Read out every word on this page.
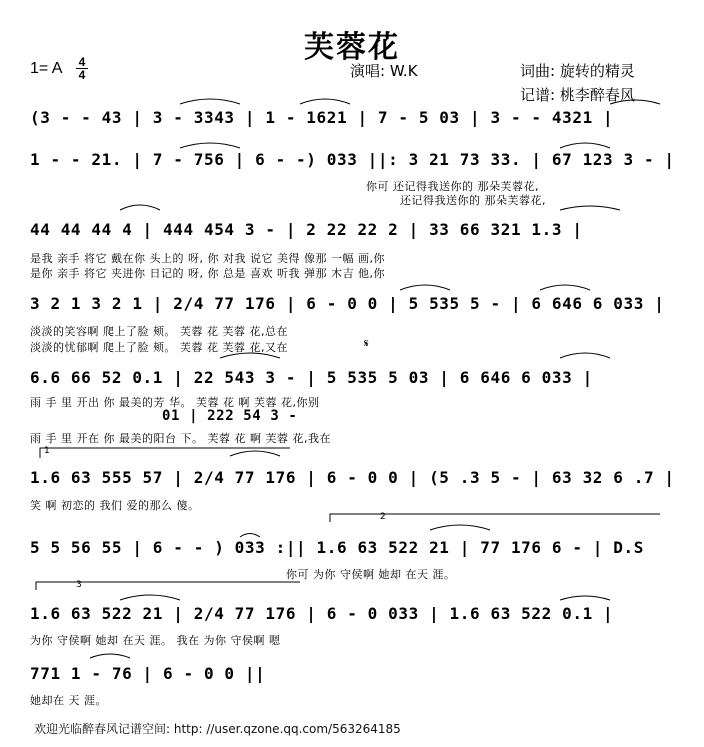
芙蓉花
1= A 4
4	演唱: W.K	词曲: 旋转的精灵
记谱: 桃李醉春风
1
2
3
(3 - - 43 | 3 - 3343 | 1 - 1621 | 7 - 5 03 | 3 - - 4321 |
1 - - 21. | 7 - 756 | 6 - -) 033 ||: 3 21 73 33. | 67 123 3 - |
你可 还记得我送你的 那朵芙蓉花,
还记得我送你的 那朵芙蓉花,
44 44 44 4 | 444 454 3 - | 2 22 22 2 | 33 66 321 1.3 |
是我 亲手 将它 戴在你 头上的 呀, 你 对我 说它 美得 像那 一幅 画,你
是你 亲手 将它 夹进你 日记的 呀, 你 总是 喜欢 听我 弹那 木吉 他,你
3 2 1 3 2 1 | 2/4 77 176 | 6 - 0 0 | 5 535 5 - | 6 646 6 033 |
淡淡的笑容啊 爬上了脸 颊。 芙蓉 花 芙蓉 花,总在
𝄋
淡淡的忧郁啊 爬上了脸 颊。 芙蓉 花 芙蓉 花,又在
6.6 66 52 0.1 | 22 543 3 - | 5 535 5 03 | 6 646 6 033 |
雨 手 里 开出 你 最美的芳 华。 芙蓉 花 啊 芙蓉 花,你别
01 | 222 54 3 -
雨 手 里 开在 你 最美的阳台 下。 芙蓉 花 啊 芙蓉 花,我在
1.6 63 555 57 | 2/4 77 176 | 6 - 0 0 | (5 .3 5 - | 63 32 6 .7 |
笑 啊 初恋的 我们 爱的那么 傻。
5 5 56 55 | 6 - - ) 033 :|| 1.6 63 522 21 | 77 176 6 - | D.S
你可 为你 守侯啊 她却 在天 涯。
1.6 63 522 21 | 2/4 77 176 | 6 - 0 033 | 1.6 63 522 0.1 |
为你 守侯啊 她却 在天 涯。 我在 为你 守侯啊 嗯
771 1 - 76 | 6 - 0 0 ||
她却在 天 涯。
欢迎光临醉春风记谱空间: http: //user.qzone.qq.com/563264185
